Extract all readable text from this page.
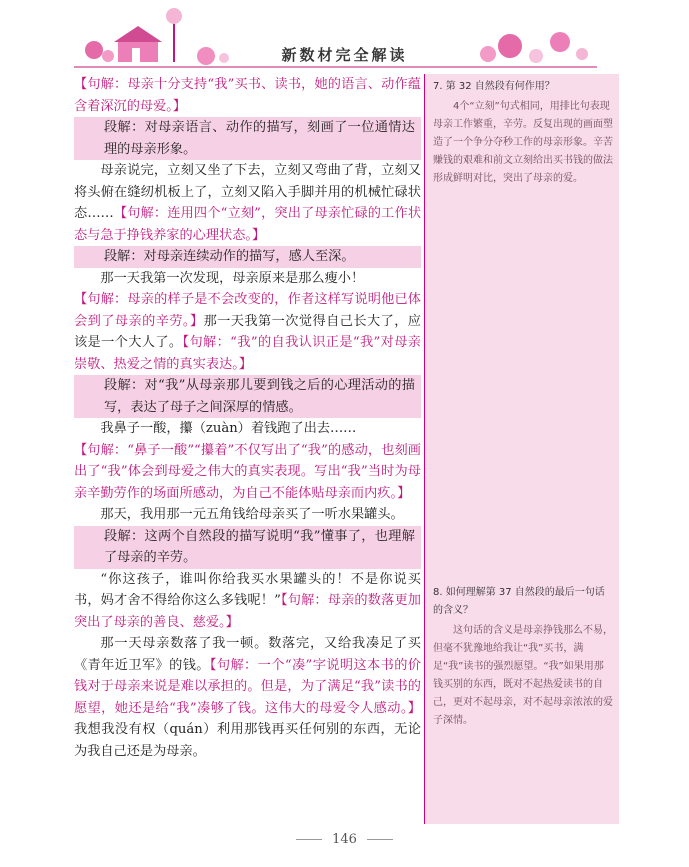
新数材完全解读

【句解：母亲十分支持“我”买书、读书，她的语言、动作蕴含着深沉的母爱。】

段解：对母亲语言、动作的描写，刻画了一位通情达理的母亲形象。

母亲说完，立刻又坐了下去，立刻又弯曲了背，立刻又将头俯在缝纫机板上了，立刻又陷入手脚并用的机械忙碌状态……【句解：连用四个“立刻”，突出了母亲忙碌的工作状态与急于挣钱养家的心理状态。】

段解：对母亲连续动作的描写，感人至深。

那一天我第一次发现，母亲原来是那么瘦小！

【句解：母亲的样子是不会改变的，作者这样写说明他已体会到了母亲的辛劳。】那一天我第一次觉得自己长大了，应该是一个大人了。【句解：“我”的自我认识正是“我”对母亲崇敬、热爱之情的真实表达。】

段解：对“我”从母亲那儿要到钱之后的心理活动的描写，表达了母子之间深厚的情感。

我鼻子一酸，攥（zuàn）着钱跑了出去……

【句解：“鼻子一酸”“攥着”不仅写出了“我”的感动，也刻画出了“我”体会到母爱之伟大的真实表现。写出“我”当时为母亲辛勤劳作的场面所感动，为自己不能体贴母亲而内疚。】

那天，我用那一元五角钱给母亲买了一听水果罐头。

段解：这两个自然段的描写说明“我”懂事了，也理解了母亲的辛劳。

“你这孩子，谁叫你给我买水果罐头的！不是你说买书，妈才舍不得给你这么多钱呢！”【句解：母亲的数落更加突出了母亲的善良、慈爱。】

那一天母亲数落了我一顿。数落完，又给我凑足了买《青年近卫军》的钱。【句解：一个“凑”字说明这本书的价钱对于母亲来说是难以承担的。但是，为了满足“我”读书的愿望，她还是给“我”凑够了钱。这伟大的母爱令人感动。】我想我没有权（quán）利用那钱再买任何别的东西，无论为我自己还是为母亲。

7. 第 32 自然段有何作用？
4个“立刻”句式相同，用排比句表现母亲工作繁重，辛劳。反复出现的画面塑造了一个争分夺秒工作的母亲形象。辛苦赚钱的艰难和前文立刻给出买书钱的做法形成鲜明对比，突出了母亲的爱。
8. 如何理解第 37 自然段的最后一句话的含义？
这句话的含义是母亲挣钱那么不易，但毫不犹豫地给我让“我”买书，满足“我”读书的强烈愿望。“我”如果用那钱买别的东西，既对不起热爱读书的自己，更对不起母亲，对不起母亲浓浓的爱子深情。
146
